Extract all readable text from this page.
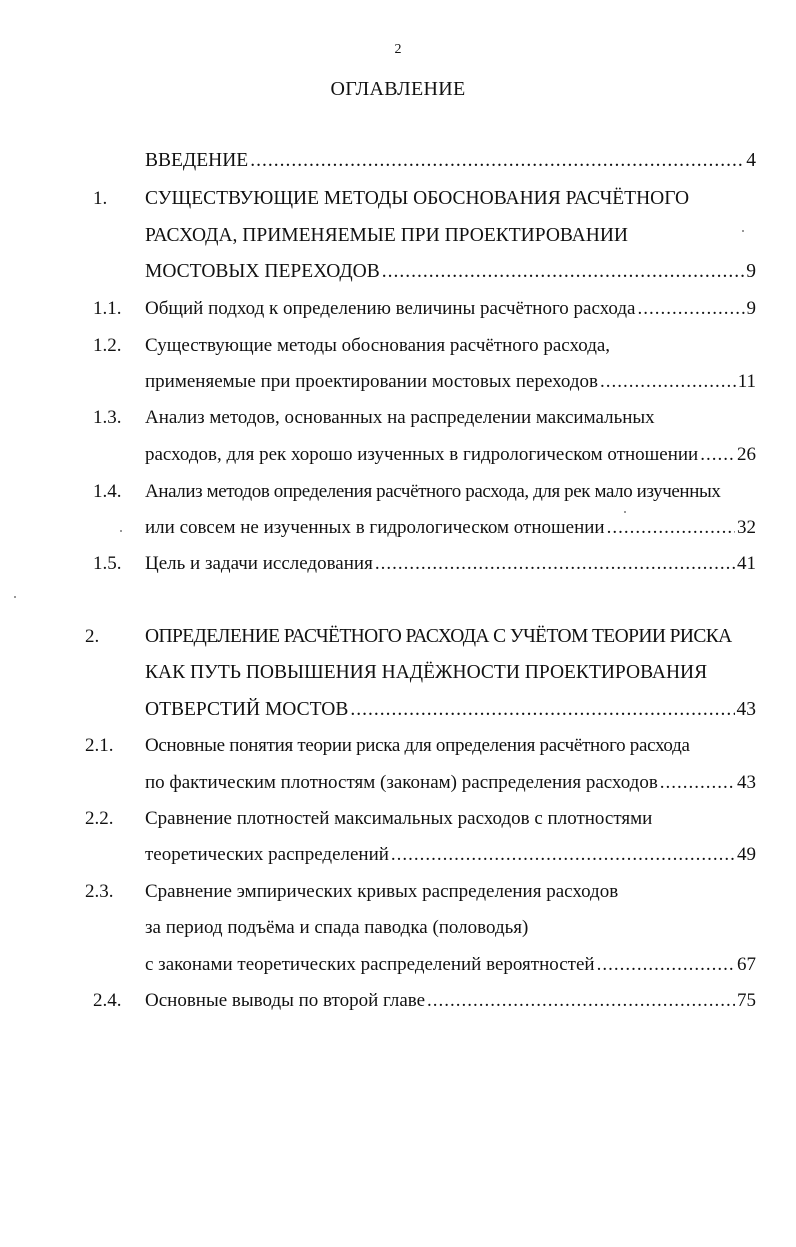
2
ОГЛАВЛЕНИЕ
ВВЕДЕНИЕ .....	4
1. СУЩЕСТВУЮЩИЕ МЕТОДЫ ОБОСНОВАНИЯ РАСЧЁТНОГО
РАСХОДА, ПРИМЕНЯЕМЫЕ ПРИ ПРОЕКТИРОВАНИИ
МОСТОВЫХ ПЕРЕХОДОВ .....	9
1.1. Общий подход к определению величины расчётного расхода .....	9
1.2. Существующие методы обоснования расчётного расхода,
применяемые при проектировании мостовых переходов .....	11
1.3. Анализ методов, основанных на распределении максимальных
расходов, для рек хорошо изученных в гидрологическом отношении ..... 26
1.4. Анализ методов определения расчётного расхода, для рек мало изученных
или совсем не изученных в гидрологическом отношении .....	32
1.5. Цель и задачи исследования .....	41
2. ОПРЕДЕЛЕНИЕ РАСЧЁТНОГО РАСХОДА С УЧЁТОМ ТЕОРИИ РИСКА
КАК ПУТЬ ПОВЫШЕНИЯ НАДЁЖНОСТИ ПРОЕКТИРОВАНИЯ
ОТВЕРСТИЙ МОСТОВ .....	43
2.1. Основные понятия теории риска для определения расчётного расхода
по фактическим плотностям (законам) распределения расходов .....	43
2.2. Сравнение плотностей максимальных расходов с плотностями
теоретических распределений .....	49
2.3. Сравнение эмпирических кривых распределения расходов
за период подъёма и спада паводка (половодья)
с законами теоретических распределений вероятностей .....	67
2.4. Основные выводы по второй главе .....	75
